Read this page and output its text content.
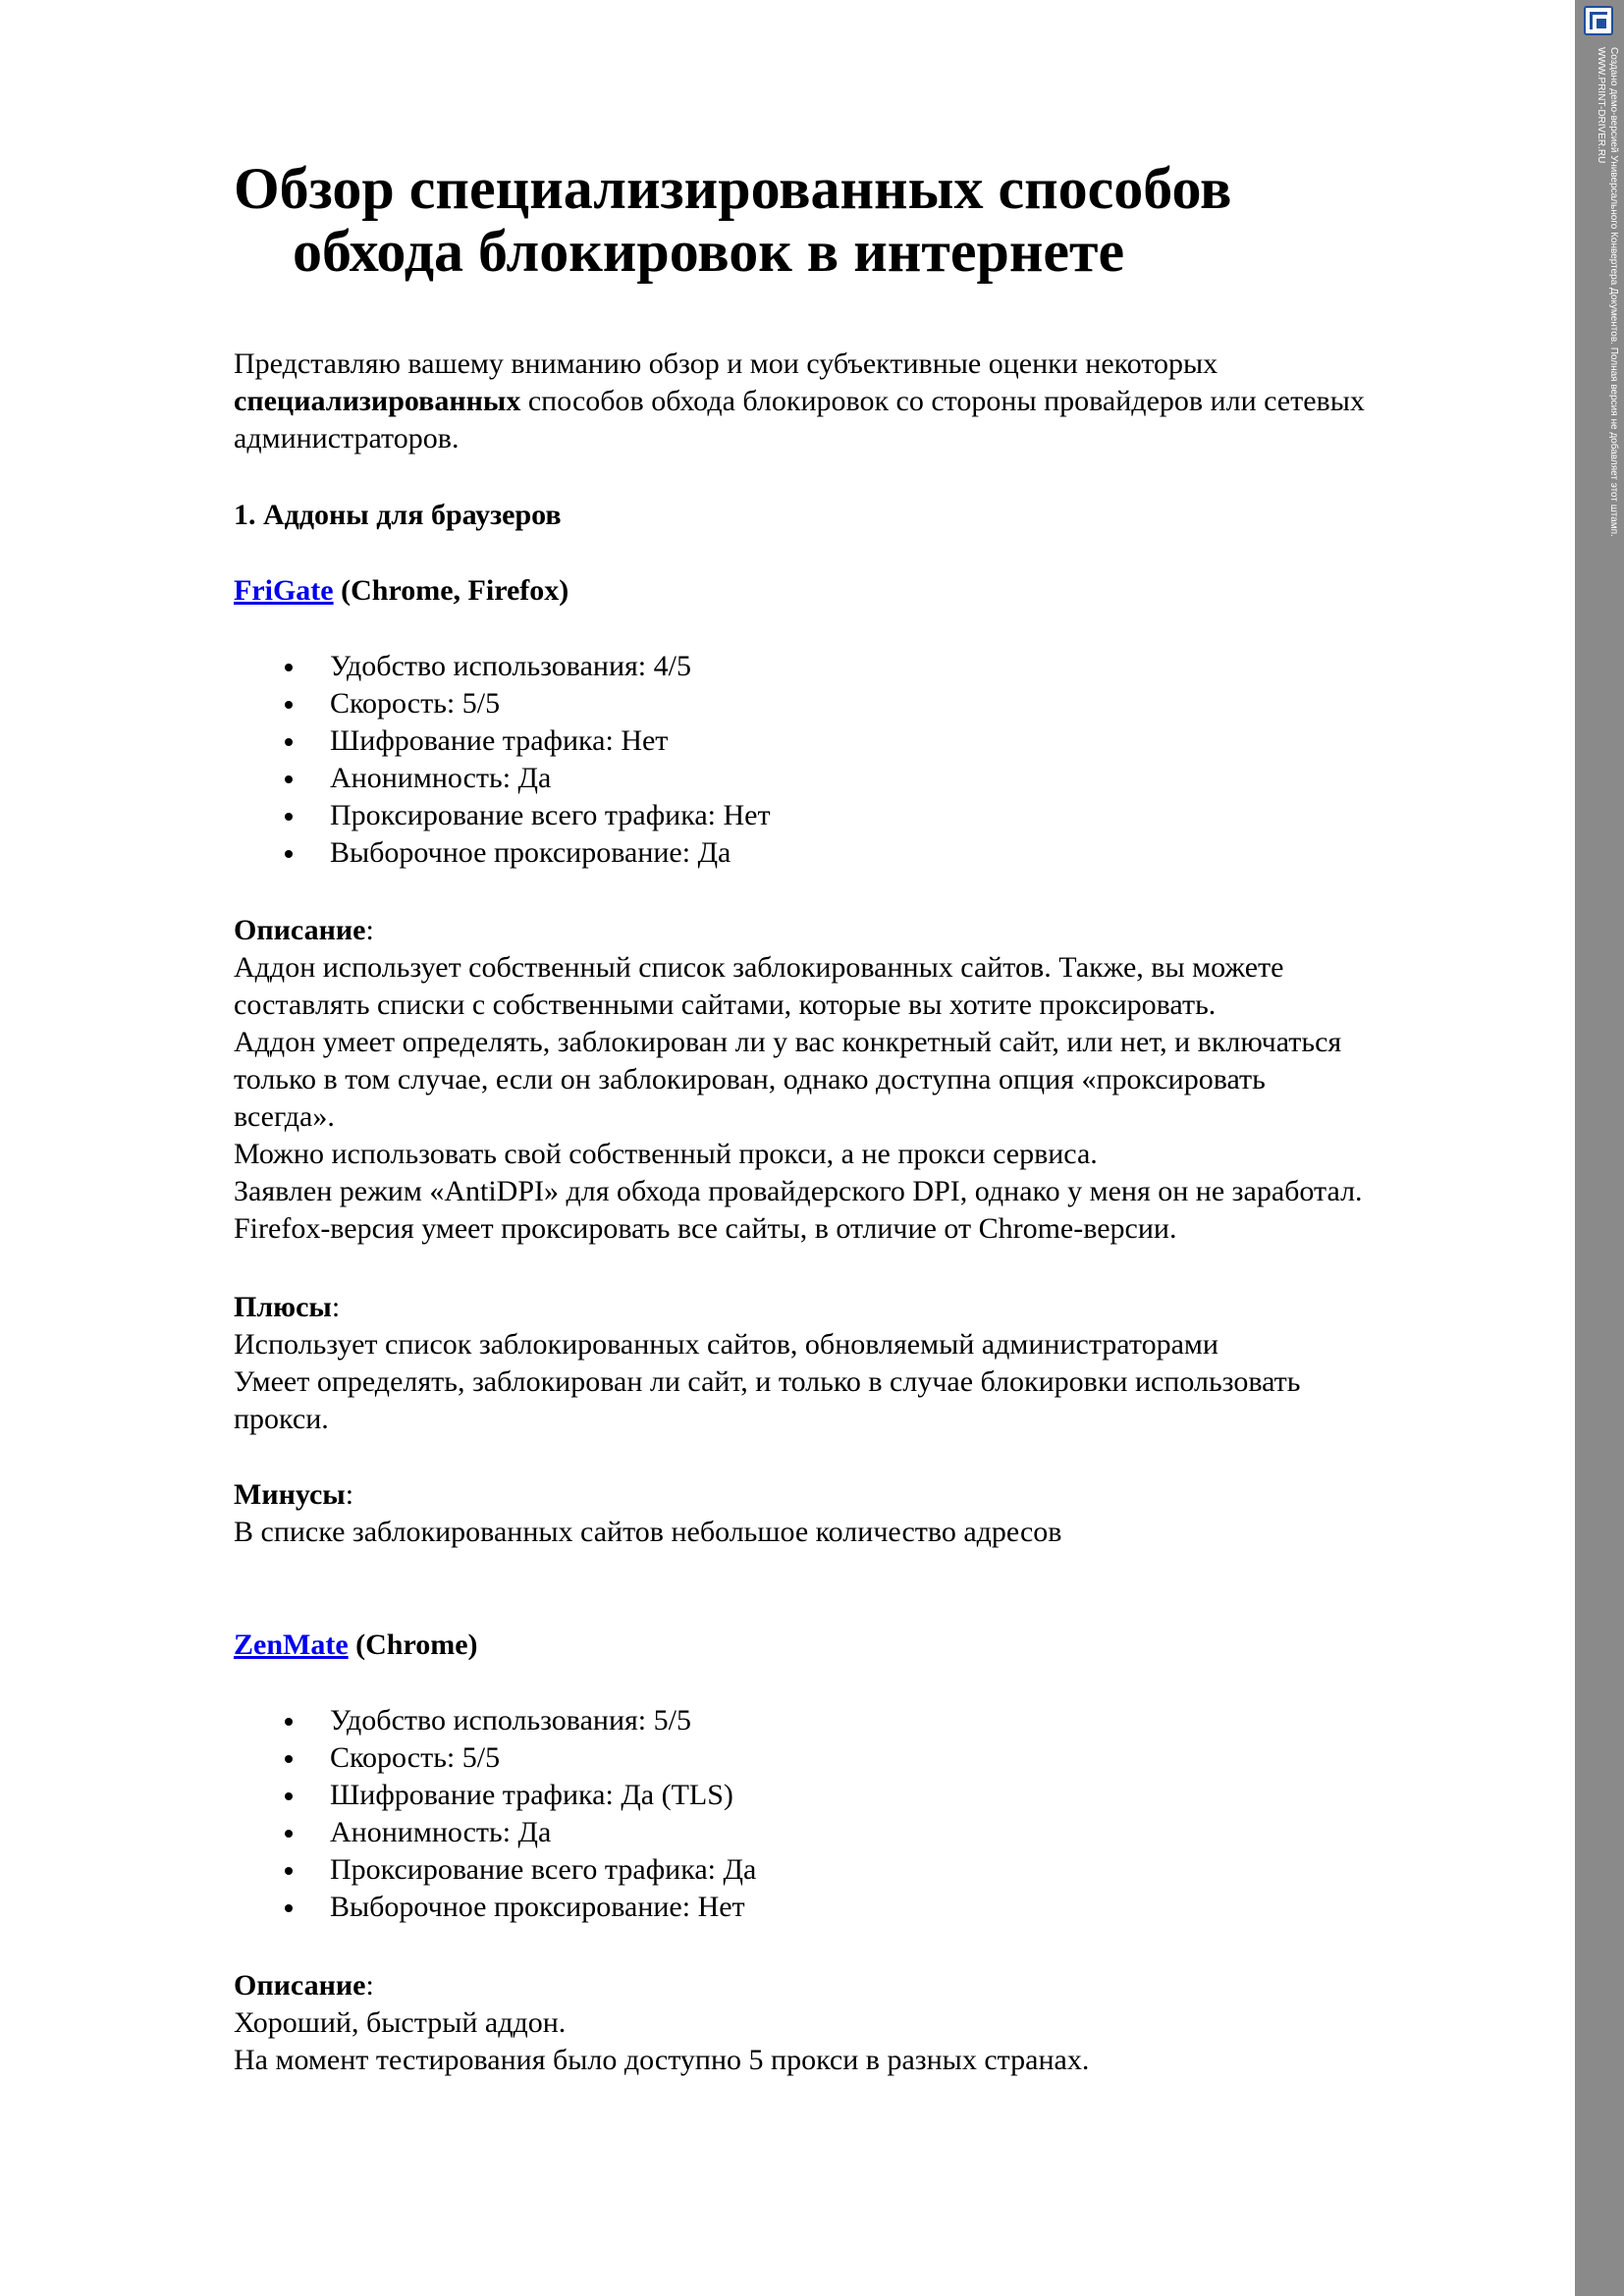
Создано демо-версией Универсального Конвертера Документов. Полная версия не добавляет этот штамп.
WWW.PRINT-DRIVER.RU
Обзор специализированных способов
обхода блокировок в интернете

Представляю вашему вниманию обзор и мои субъективные оценки некоторых
специализированных способов обхода блокировок со стороны провайдеров или сетевых
администраторов.

1. Аддоны для браузеров

FriGate (Chrome, Firefox)

Удобство использования: 4/5
Скорость: 5/5
Шифрование трафика: Нет
Анонимность: Да
Проксирование всего трафика: Нет
Выборочное проксирование: Да

Описание:
Аддон использует собственный список заблокированных сайтов. Также, вы можете
составлять списки с собственными сайтами, которые вы хотите проксировать.
Аддон умеет определять, заблокирован ли у вас конкретный сайт, или нет, и включаться
только в том случае, если он заблокирован, однако доступна опция «проксировать
всегда».
Можно использовать свой собственный прокси, а не прокси сервиса.
Заявлен режим «AntiDPI» для обхода провайдерского DPI, однако у меня он не заработал.
Firefox-версия умеет проксировать все сайты, в отличие от Chrome-версии.

Плюсы:
Использует список заблокированных сайтов, обновляемый администраторами
Умеет определять, заблокирован ли сайт, и только в случае блокировки использовать
прокси.

Минусы:
В списке заблокированных сайтов небольшое количество адресов

ZenMate (Chrome)

Удобство использования: 5/5
Скорость: 5/5
Шифрование трафика: Да (TLS)
Анонимность: Да
Проксирование всего трафика: Да
Выборочное проксирование: Нет

Описание:
Хороший, быстрый аддон.
На момент тестирования было доступно 5 прокси в разных странах.
